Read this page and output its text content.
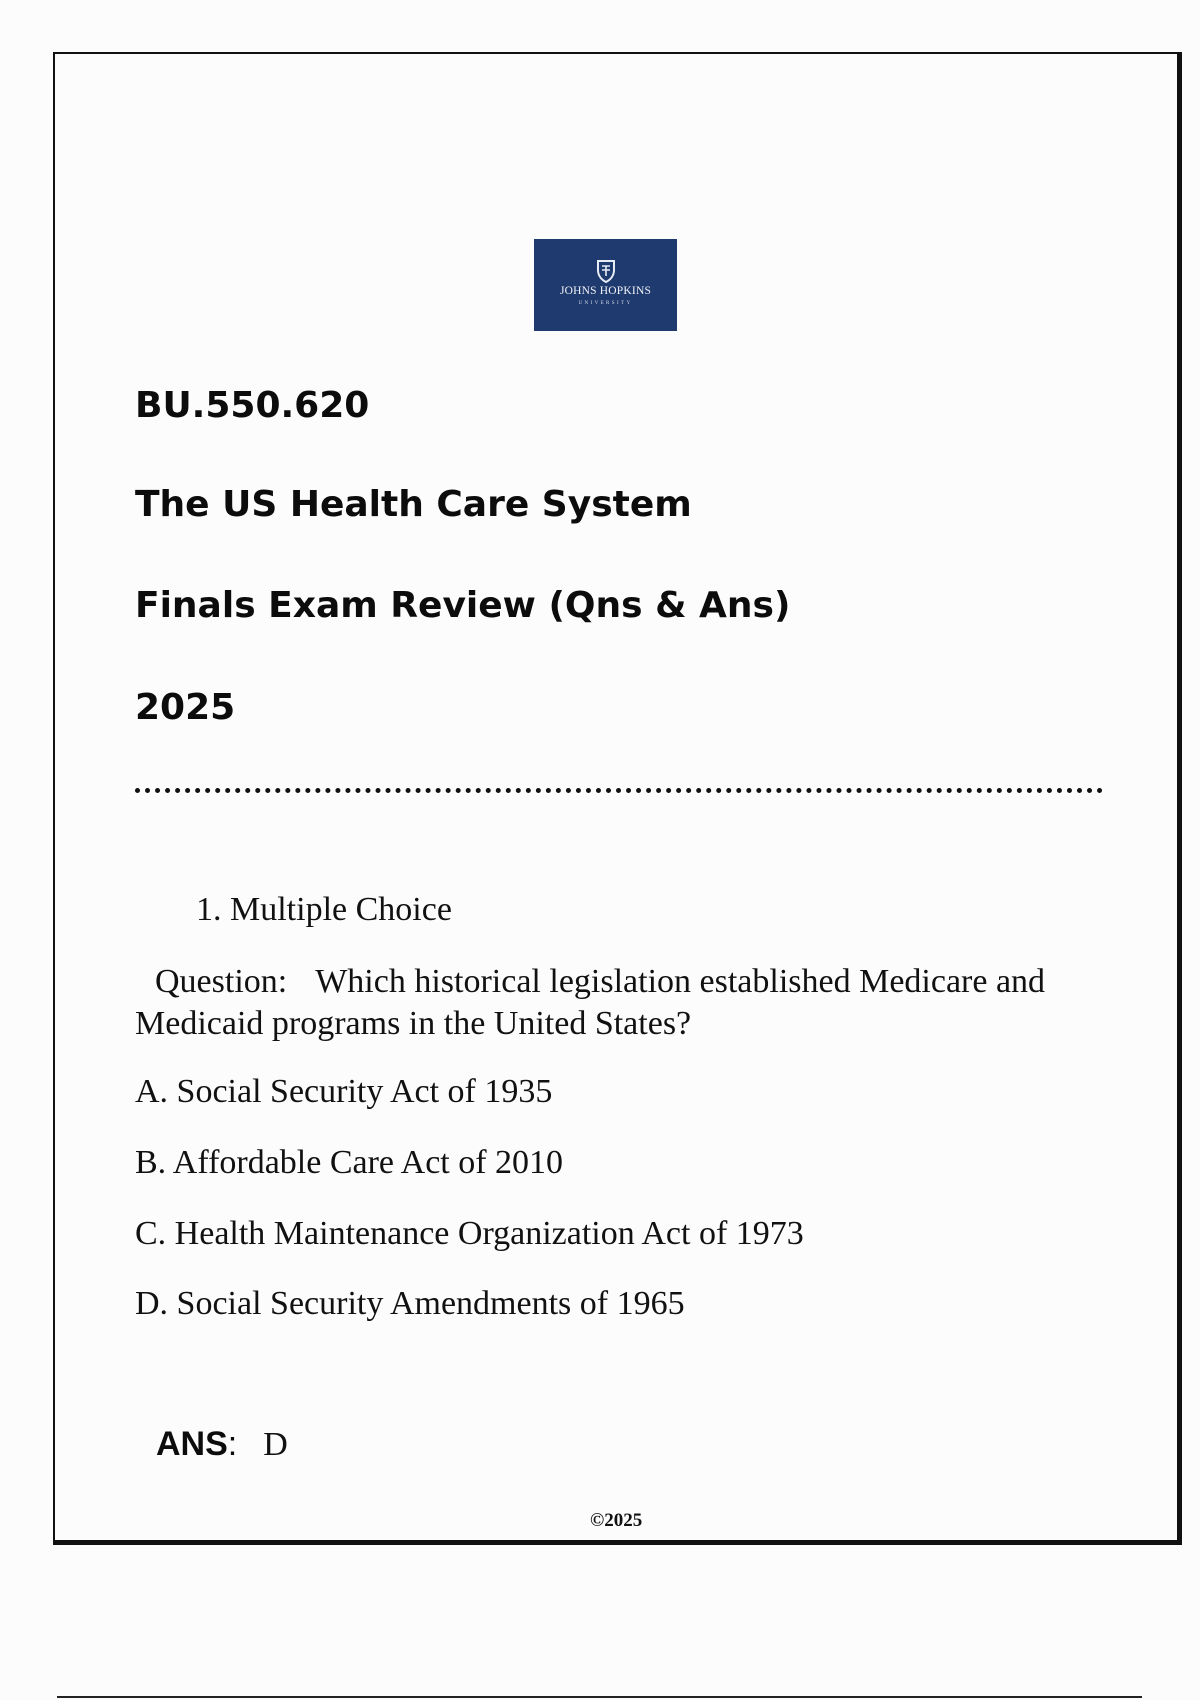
JOHNS HOPKINS
UNIVERSITY
BU.550.620
The US Health Care System
Finals Exam Review (Qns & Ans)
2025
1. Multiple Choice
Question: Which historical legislation established Medicare and Medicaid programs in the United States?
A. Social Security Act of 1935
B. Affordable Care Act of 2010
C. Health Maintenance Organization Act of 1973
D. Social Security Amendments of 1965
ANS: D
©2025
